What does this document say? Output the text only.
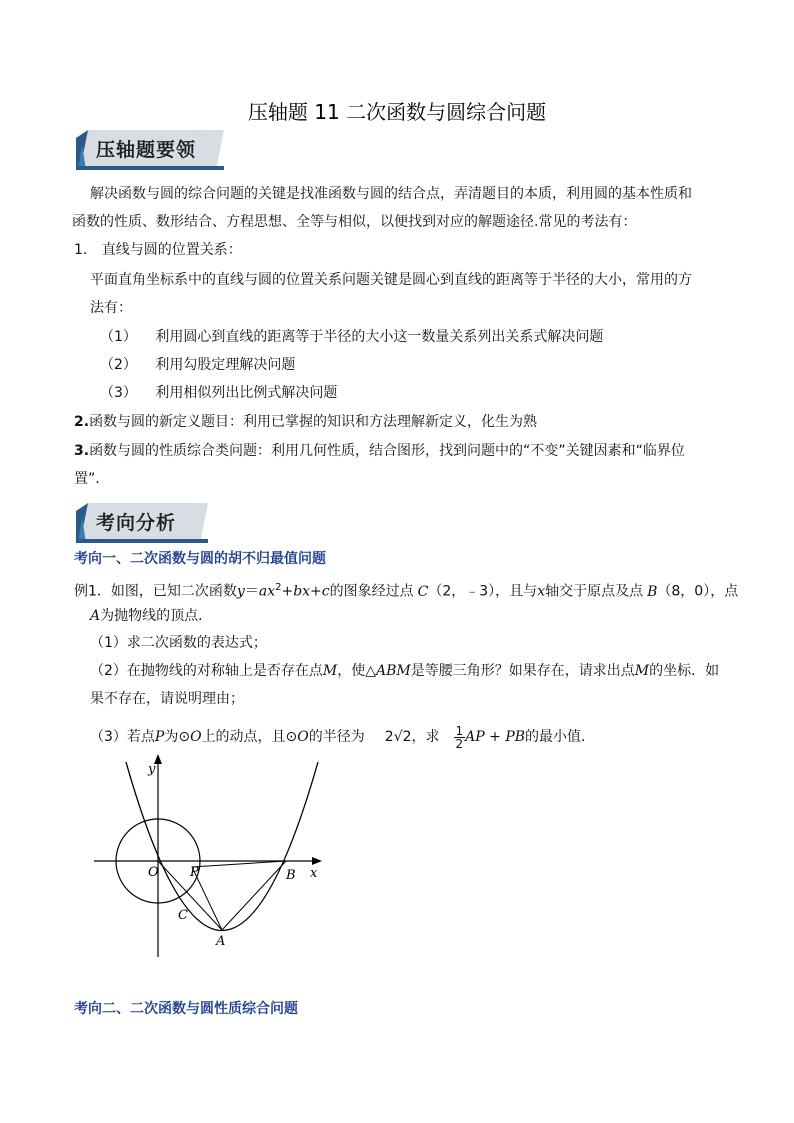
压轴题 11 二次函数与圆综合问题
压轴题要领
解决函数与圆的综合问题的关键是找准函数与圆的结合点，弄清题目的本质，利用圆的基本性质和
函数的性质、数形结合、方程思想、全等与相似，以便找到对应的解题途径.常见的考法有：
1. 直线与圆的位置关系：
平面直角坐标系中的直线与圆的位置关系问题关键是圆心到直线的距离等于半径的大小，常用的方
法有：
（1） 利用圆心到直线的距离等于半径的大小这一数量关系列出关系式解决问题
（2） 利用勾股定理解决问题
（3） 利用相似列出比例式解决问题
2.函数与圆的新定义题目：利用已掌握的知识和方法理解新定义，化生为熟
3.函数与圆的性质综合类问题：利用几何性质，结合图形，找到问题中的“不变”关键因素和“临界位
置”.
考向分析
考向一、二次函数与圆的胡不归最值问题
例1．如图，已知二次函数$y=ax^2+bx+c$的图象经过点 C（2，﹣3），且与x轴交于原点及点 B（8，0），点
A为抛物线的顶点．
（1）求二次函数的表达式；
（2）在抛物线的对称轴上是否存在点M，使△ABM是等腰三角形？如果存在，请求出点M的坐标．如
果不存在，请说明理由；
（3）若点P为⊙O上的动点，且⊙O的半径为 2√2，求 $\frac{1}{2}$ AP + PB的最小值．
y
x
O P	B
C
A
考向二、二次函数与圆性质综合问题
